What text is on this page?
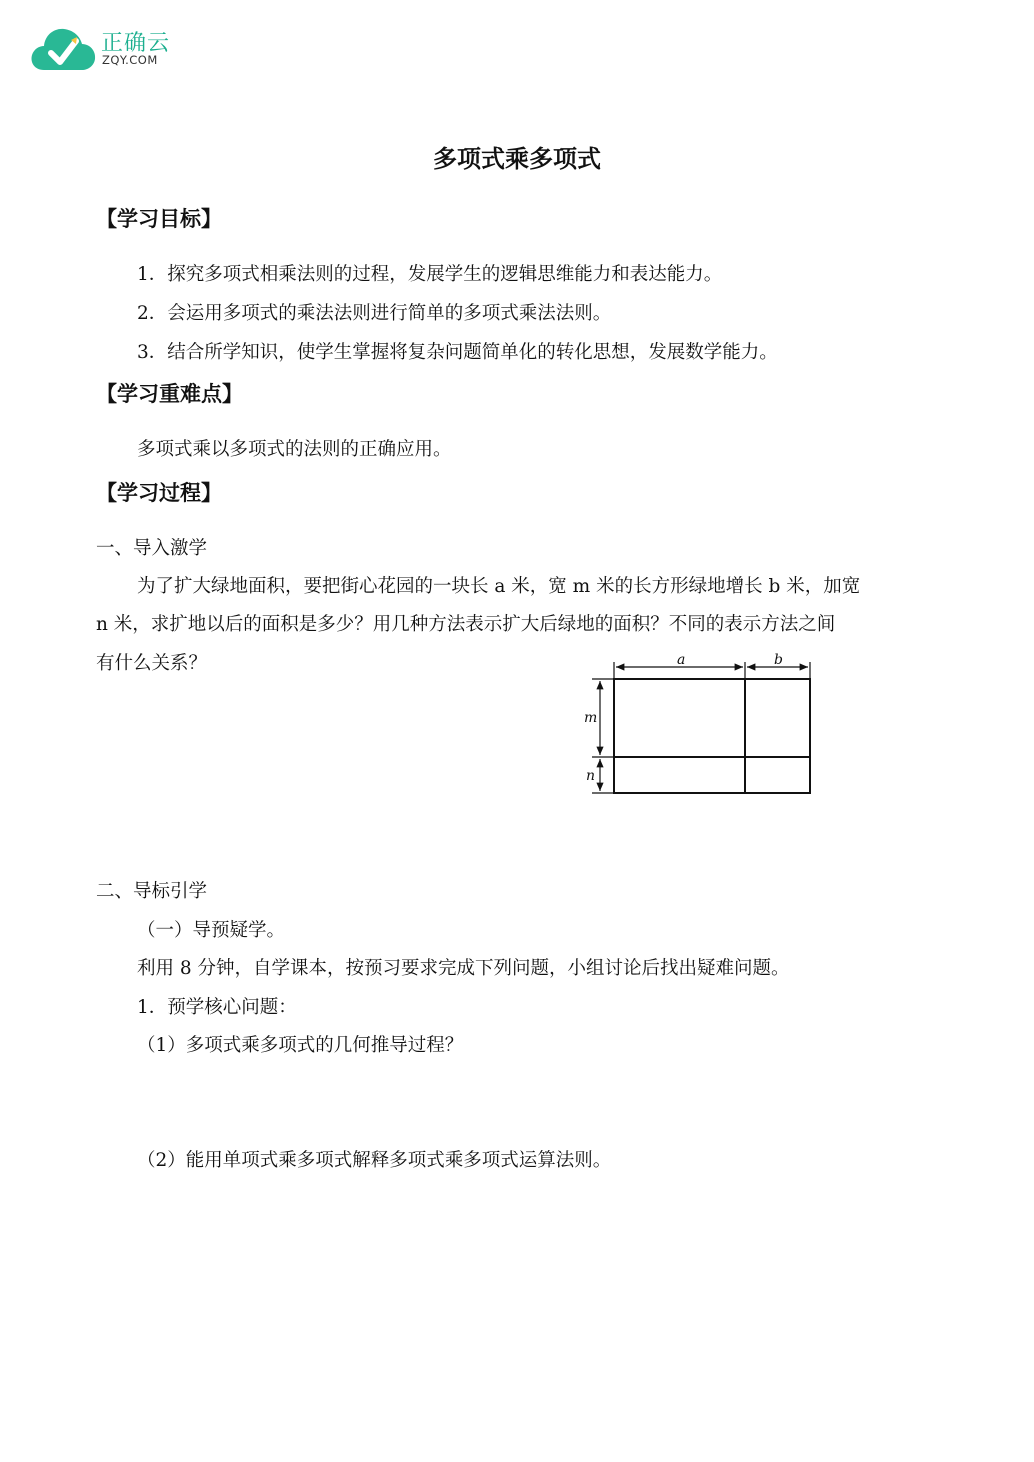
正确云
ZQY.COM
多项式乘多项式
【学习目标】
1．探究多项式相乘法则的过程，发展学生的逻辑思维能力和表达能力。
2．会运用多项式的乘法法则进行简单的多项式乘法法则。
3．结合所学知识，使学生掌握将复杂问题简单化的转化思想，发展数学能力。
【学习重难点】
多项式乘以多项式的法则的正确应用。
【学习过程】
一、导入激学
为了扩大绿地面积，要把街心花园的一块长 a 米，宽 m 米的长方形绿地增长 b 米，加宽
n 米，求扩地以后的面积是多少？用几种方法表示扩大后绿地的面积？不同的表示方法之间
有什么关系？	a	b
m
n
二、导标引学
（一）导预疑学。
利用 8 分钟，自学课本，按预习要求完成下列问题，小组讨论后找出疑难问题。
1．预学核心问题：
（1）多项式乘多项式的几何推导过程？
（2）能用单项式乘多项式解释多项式乘多项式运算法则。
